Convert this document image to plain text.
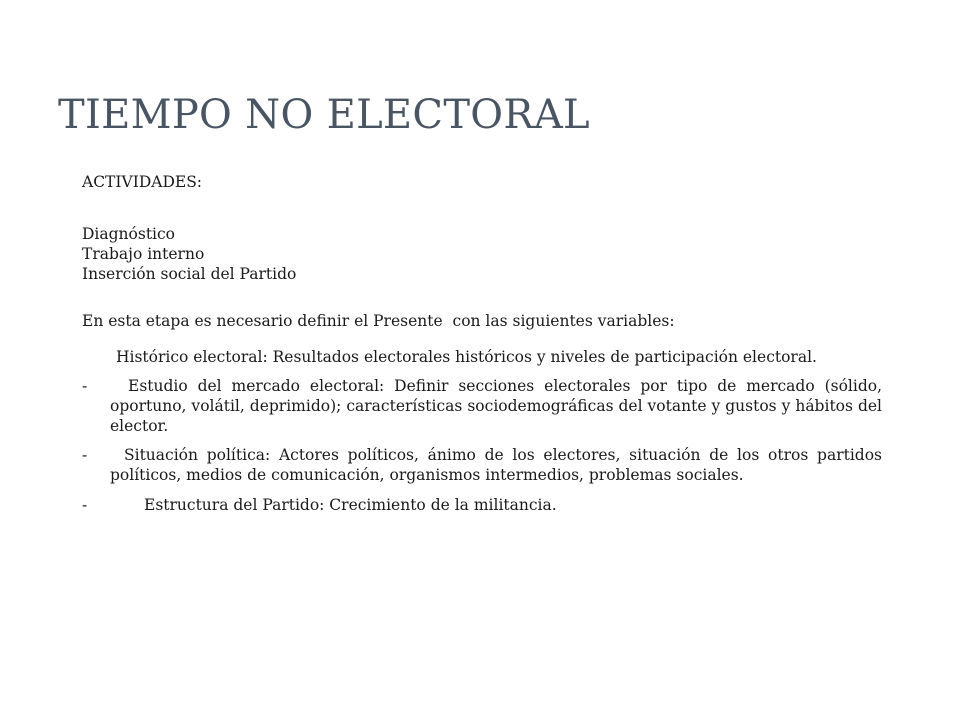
TIEMPO NO ELECTORAL

ACTIVIDADES:

Diagnóstico

Trabajo interno

Inserción social del Partido

En esta etapa es necesario definir el Presente  con las siguientes variables:

Histórico electoral: Resultados electorales históricos y niveles de participación electoral.
-	Estudio del mercado electoral: Definir secciones electorales por tipo de mercado (sólido, oportuno, volátil, deprimido); características sociodemográficas del votante y gustos y hábitos del elector.
-	Situación política: Actores políticos, ánimo de los electores, situación de los otros partidos políticos, medios de comunicación, organismos intermedios, problemas sociales.
-	Estructura del Partido: Crecimiento de la militancia.
